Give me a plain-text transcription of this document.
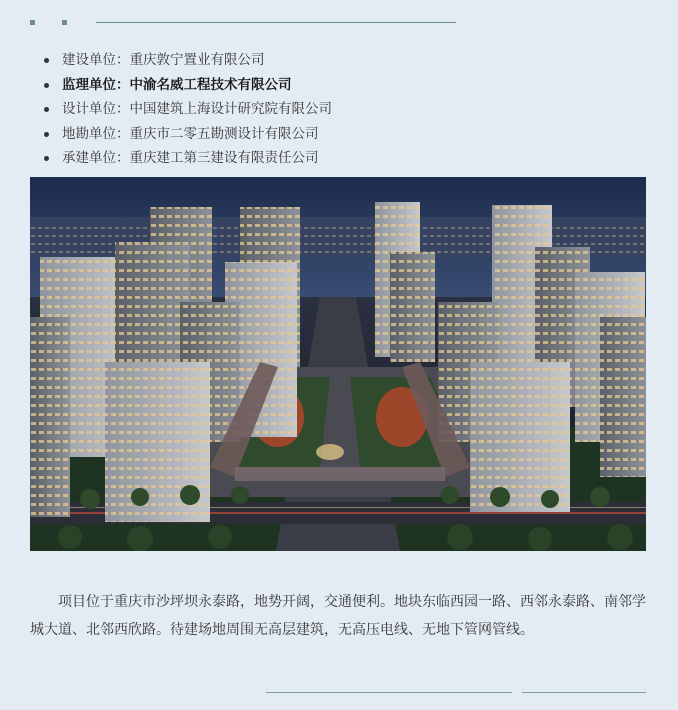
建设单位：重庆敦宁置业有限公司
监理单位：中渝名威工程技术有限公司
设计单位：中国建筑上海设计研究院有限公司
地勘单位：重庆市二零五勘测设计有限公司
承建单位：重庆建工第三建设有限责任公司

项目位于重庆市沙坪坝永泰路，地势开阔，交通便利。地块东临西园一路、西邻永泰路、南邻学城大道、北邻西欣路。待建场地周围无高层建筑，无高压电线、无地下管网管线。
